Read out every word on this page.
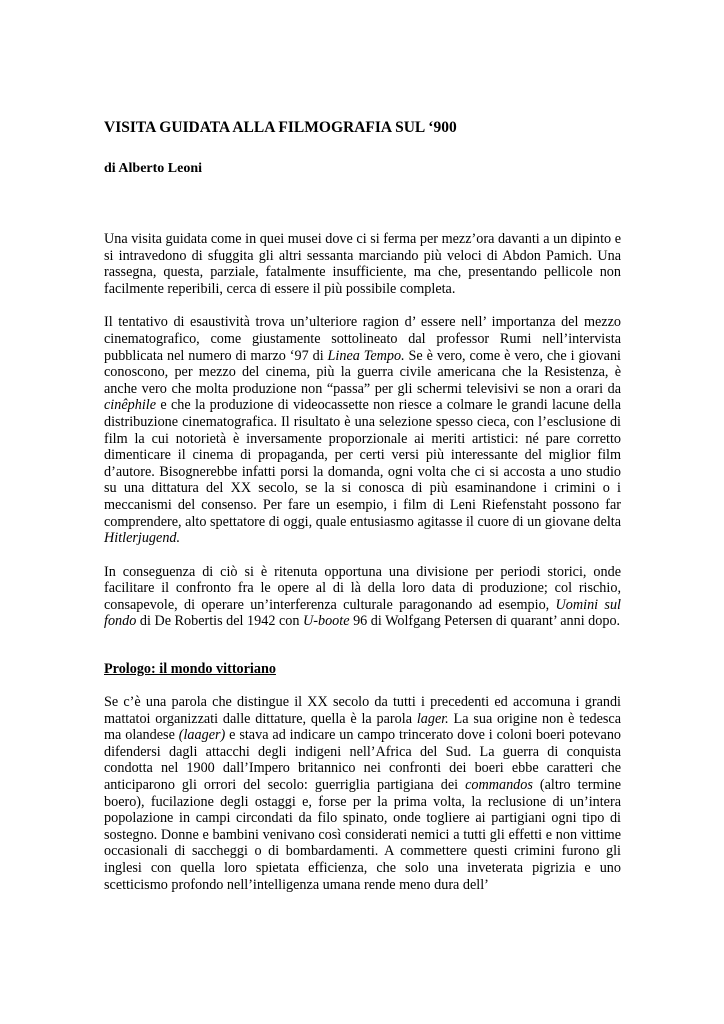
VISITA GUIDATA ALLA FILMOGRAFIA SUL ‘900
di Alberto Leoni

Una visita guidata come in quei musei dove ci si ferma per mezz’ora davanti a un dipinto e si intravedono di sfuggita gli altri sessanta marciando più veloci di Abdon Pamich. Una rassegna, questa, parziale, fatalmente insufficiente, ma che, presentando pellicole non facilmente reperibili, cerca di essere il più possibile completa.

Il tentativo di esaustività trova un’ulteriore ragion d’ essere nell’ importanza del mezzo cinematografico, come giustamente sottolineato dal professor Rumi nell’intervista pubblicata nel numero di marzo ‘97 di Linea Tempo. Se è vero, come è vero, che i giovani conoscono, per mezzo del cinema, più la guerra civile americana che la Resistenza, è anche vero che molta produzione non “passa” per gli schermi televisivi se non a orari da cinêphile e che la produzione di videocassette non riesce a colmare le grandi lacune della distribuzione cinematografica. Il risultato è una selezione spesso cieca, con l’esclusione di film la cui notorietà è inversamente proporzionale ai meriti artistici: né pare corretto dimenticare il cinema di propaganda, per certi versi più interessante del miglior film d’autore. Bisognerebbe infatti porsi la domanda, ogni volta che ci si accosta a uno studio su una dittatura del XX secolo, se la si conosca di più esaminandone i crimini o i meccanismi del consenso. Per fare un esempio, i film di Leni Riefenstaht possono far comprendere, alto spettatore di oggi, quale entusiasmo agitasse il cuore di un giovane delta Hitlerjugend.

In conseguenza di ciò si è ritenuta opportuna una divisione per periodi storici, onde facilitare il confronto fra le opere al di là della loro data di produzione; col rischio, consapevole, di operare un’interferenza culturale paragonando ad esempio, Uomini sul fondo di De Robertis del 1942 con U-boote 96 di Wolfgang Petersen di quarant’ anni dopo.

Prologo: il mondo vittoriano

Se c’è una parola che distingue il XX secolo da tutti i precedenti ed accomuna i grandi mattatoi organizzati dalle dittature, quella è la parola lager. La sua origine non è tedesca ma olandese (laager) e stava ad indicare un campo trincerato dove i coloni boeri potevano difendersi dagli attacchi degli indigeni nell’Africa del Sud. La guerra di conquista condotta nel 1900 dall’Impero britannico nei confronti dei boeri ebbe caratteri che anticiparono gli orrori del secolo: guerriglia partigiana dei commandos (altro termine boero), fucilazione degli ostaggi e, forse per la prima volta, la reclusione di un’intera popolazione in campi circondati da filo spinato, onde togliere ai partigiani ogni tipo di sostegno. Donne e bambini venivano così considerati nemici a tutti gli effetti e non vittime occasionali di saccheggi o di bombardamenti. A commettere questi crimini furono gli inglesi con quella loro spietata efficienza, che solo una inveterata pigrizia e uno scetticismo profondo nell’intelligenza umana rende meno dura dell’
